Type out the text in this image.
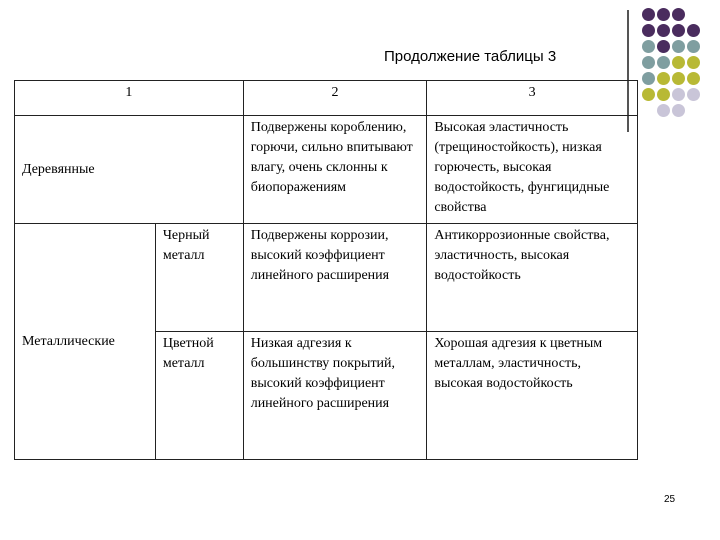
Продолжение таблицы 3
1		2	3
Деревянные		Подвержены короблению, горючи, сильно впитывают влагу, очень склонны к биопоражениям	Высокая эластичность (трещиностойкость), низкая горючесть, высокая водостойкость, фунгицидные свойства
Металлические	Черный металл	Подвержены коррозии, высокий коэффициент линейного расширения	Антикоррозионные свойства, эластичность, высокая водостойкость
	Цветной металл	Низкая адгезия к большинству покрытий, высокий коэффициент линейного расширения	Хорошая адгезия к цветным металлам, эластичность, высокая водостойкость
25
